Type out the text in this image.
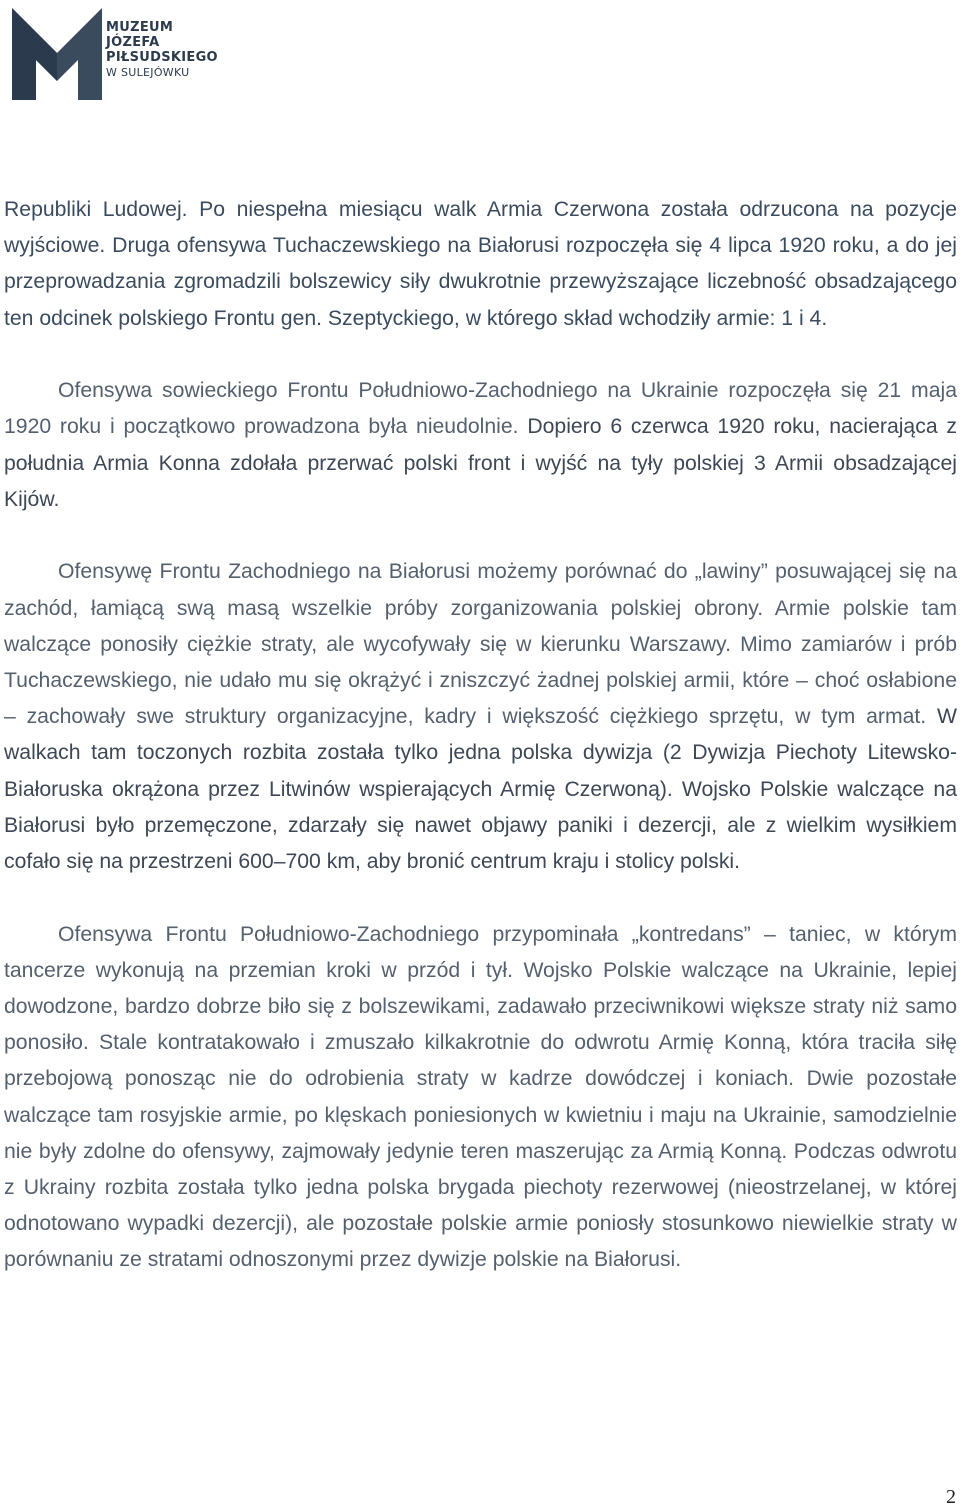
MUZEUM
JÓZEFA
PIŁSUDSKIEGO
W SULEJÓWKU

Republiki Ludowej. Po niespełna miesiącu walk Armia Czerwona została odrzucona na pozycje wyjściowe. Druga ofensywa Tuchaczewskiego na Białorusi rozpoczęła się 4 lipca 1920 roku, a do jej przeprowadzania zgromadzili bolszewicy siły dwukrotnie przewyższające liczebność obsadzającego ten odcinek polskiego Frontu gen. Szeptyckiego, w którego skład wchodziły armie: 1 i 4.

Ofensywa sowieckiego Frontu Południowo-Zachodniego na Ukrainie rozpoczęła się 21 maja 1920 roku i początkowo prowadzona była nieudolnie. Dopiero 6 czerwca 1920 roku, nacierająca z południa Armia Konna zdołała przerwać polski front i wyjść na tyły polskiej 3 Armii obsadzającej Kijów.

Ofensywę Frontu Zachodniego na Białorusi możemy porównać do „lawiny” posuwającej się na zachód, łamiącą swą masą wszelkie próby zorganizowania polskiej obrony. Armie polskie tam walczące ponosiły ciężkie straty, ale wycofywały się w kierunku Warszawy. Mimo zamiarów i prób Tuchaczewskiego, nie udało mu się okrążyć i zniszczyć żadnej polskiej armii, które – choć osłabione – zachowały swe struktury organizacyjne, kadry i większość ciężkiego sprzętu, w tym armat. W walkach tam toczonych rozbita została tylko jedna polska dywizja (2 Dywizja Piechoty Litewsko-Białoruska okrążona przez Litwinów wspierających Armię Czerwoną). Wojsko Polskie walczące na Białorusi było przemęczone, zdarzały się nawet objawy paniki i dezercji, ale z wielkim wysiłkiem cofało się na przestrzeni 600–700 km, aby bronić centrum kraju i stolicy polski.

Ofensywa Frontu Południowo-Zachodniego przypominała „kontredans” – taniec, w którym tancerze wykonują na przemian kroki w przód i tył. Wojsko Polskie walczące na Ukrainie, lepiej dowodzone, bardzo dobrze biło się z bolszewikami, zadawało przeciwnikowi większe straty niż samo ponosiło. Stale kontratakowało i zmuszało kilkakrotnie do odwrotu Armię Konną, która traciła siłę przebojową ponosząc nie do odrobienia straty w kadrze dowódczej i koniach. Dwie pozostałe walczące tam rosyjskie armie, po klęskach poniesionych w kwietniu i maju na Ukrainie, samodzielnie nie były zdolne do ofensywy, zajmowały jedynie teren maszerując za Armią Konną. Podczas odwrotu z Ukrainy rozbita została tylko jedna polska brygada piechoty rezerwowej (nieostrzelanej, w której odnotowano wypadki dezercji), ale pozostałe polskie armie poniosły stosunkowo niewielkie straty w porównaniu ze stratami odnoszonymi przez dywizje polskie na Białorusi.

2
